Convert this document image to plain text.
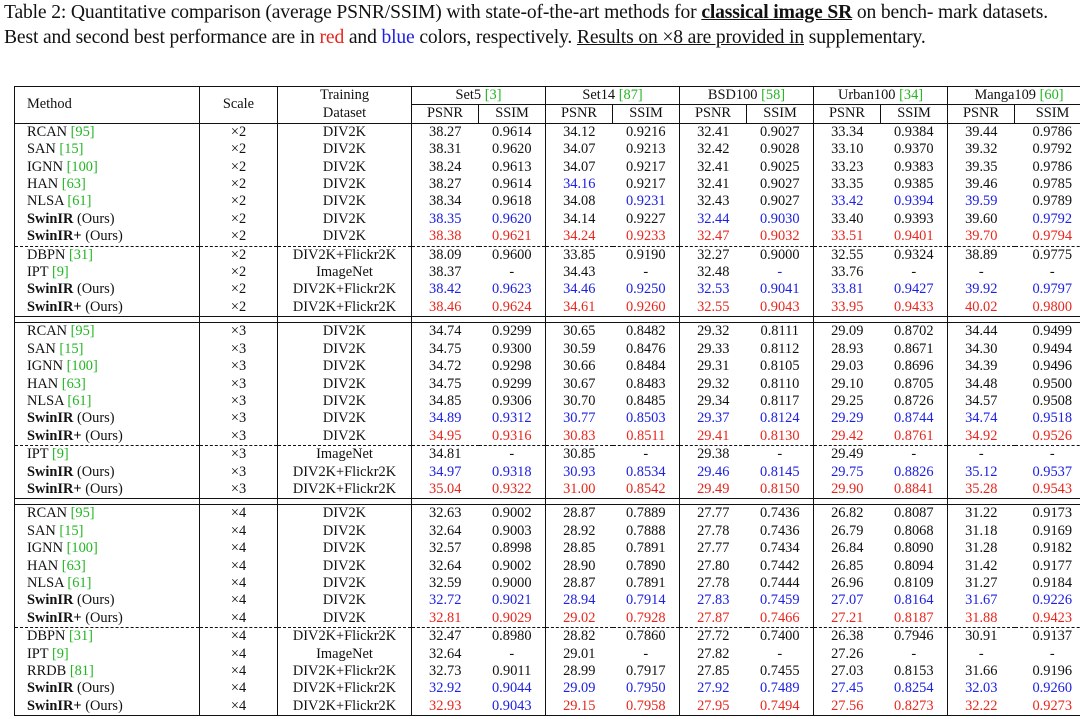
Table 2: Quantitative comparison (average PSNR/SSIM) with state-of-the-art methods for classical image SR on bench- mark datasets. Best and second best performance are in red and blue colors, respectively. Results on ×8 are provided in supplementary.
Method	Scale	Training	Set5 [3]		Set14 [87]		BSD100 [58]		Urban100 [34]		Manga109 [60]	
		Dataset	PSNR	SSIM	PSNR	SSIM	PSNR	SSIM	PSNR	SSIM	PSNR	SSIM
RCAN [95]	×2	DIV2K	38.27	0.9614	34.12	0.9216	32.41	0.9027	33.34	0.9384	39.44	0.9786
SAN [15]	×2	DIV2K	38.31	0.9620	34.07	0.9213	32.42	0.9028	33.10	0.9370	39.32	0.9792
IGNN [100]	×2	DIV2K	38.24	0.9613	34.07	0.9217	32.41	0.9025	33.23	0.9383	39.35	0.9786
HAN [63]	×2	DIV2K	38.27	0.9614	34.16	0.9217	32.41	0.9027	33.35	0.9385	39.46	0.9785
NLSA [61]	×2	DIV2K	38.34	0.9618	34.08	0.9231	32.43	0.9027	33.42	0.9394	39.59	0.9789
SwinIR (Ours)	×2	DIV2K	38.35	0.9620	34.14	0.9227	32.44	0.9030	33.40	0.9393	39.60	0.9792
SwinIR+ (Ours)	×2	DIV2K	38.38	0.9621	34.24	0.9233	32.47	0.9032	33.51	0.9401	39.70	0.9794
DBPN [31]	×2	DIV2K+Flickr2K	38.09	0.9600	33.85	0.9190	32.27	0.9000	32.55	0.9324	38.89	0.9775
IPT [9]	×2	ImageNet	38.37	-	34.43	-	32.48	-	33.76	-	-	-
SwinIR (Ours)	×2	DIV2K+Flickr2K	38.42	0.9623	34.46	0.9250	32.53	0.9041	33.81	0.9427	39.92	0.9797
SwinIR+ (Ours)	×2	DIV2K+Flickr2K	38.46	0.9624	34.61	0.9260	32.55	0.9043	33.95	0.9433	40.02	0.9800

RCAN [95]	×3	DIV2K	34.74	0.9299	30.65	0.8482	29.32	0.8111	29.09	0.8702	34.44	0.9499
SAN [15]	×3	DIV2K	34.75	0.9300	30.59	0.8476	29.33	0.8112	28.93	0.8671	34.30	0.9494
IGNN [100]	×3	DIV2K	34.72	0.9298	30.66	0.8484	29.31	0.8105	29.03	0.8696	34.39	0.9496
HAN [63]	×3	DIV2K	34.75	0.9299	30.67	0.8483	29.32	0.8110	29.10	0.8705	34.48	0.9500
NLSA [61]	×3	DIV2K	34.85	0.9306	30.70	0.8485	29.34	0.8117	29.25	0.8726	34.57	0.9508
SwinIR (Ours)	×3	DIV2K	34.89	0.9312	30.77	0.8503	29.37	0.8124	29.29	0.8744	34.74	0.9518
SwinIR+ (Ours)	×3	DIV2K	34.95	0.9316	30.83	0.8511	29.41	0.8130	29.42	0.8761	34.92	0.9526
IPT [9]	×3	ImageNet	34.81	-	30.85	-	29.38	-	29.49	-	-	-
SwinIR (Ours)	×3	DIV2K+Flickr2K	34.97	0.9318	30.93	0.8534	29.46	0.8145	29.75	0.8826	35.12	0.9537
SwinIR+ (Ours)	×3	DIV2K+Flickr2K	35.04	0.9322	31.00	0.8542	29.49	0.8150	29.90	0.8841	35.28	0.9543

RCAN [95]	×4	DIV2K	32.63	0.9002	28.87	0.7889	27.77	0.7436	26.82	0.8087	31.22	0.9173
SAN [15]	×4	DIV2K	32.64	0.9003	28.92	0.7888	27.78	0.7436	26.79	0.8068	31.18	0.9169
IGNN [100]	×4	DIV2K	32.57	0.8998	28.85	0.7891	27.77	0.7434	26.84	0.8090	31.28	0.9182
HAN [63]	×4	DIV2K	32.64	0.9002	28.90	0.7890	27.80	0.7442	26.85	0.8094	31.42	0.9177
NLSA [61]	×4	DIV2K	32.59	0.9000	28.87	0.7891	27.78	0.7444	26.96	0.8109	31.27	0.9184
SwinIR (Ours)	×4	DIV2K	32.72	0.9021	28.94	0.7914	27.83	0.7459	27.07	0.8164	31.67	0.9226
SwinIR+ (Ours)	×4	DIV2K	32.81	0.9029	29.02	0.7928	27.87	0.7466	27.21	0.8187	31.88	0.9423
DBPN [31]	×4	DIV2K+Flickr2K	32.47	0.8980	28.82	0.7860	27.72	0.7400	26.38	0.7946	30.91	0.9137
IPT [9]	×4	ImageNet	32.64	-	29.01	-	27.82	-	27.26	-	-	-
RRDB [81]	×4	DIV2K+Flickr2K	32.73	0.9011	28.99	0.7917	27.85	0.7455	27.03	0.8153	31.66	0.9196
SwinIR (Ours)	×4	DIV2K+Flickr2K	32.92	0.9044	29.09	0.7950	27.92	0.7489	27.45	0.8254	32.03	0.9260
SwinIR+ (Ours)	×4	DIV2K+Flickr2K	32.93	0.9043	29.15	0.7958	27.95	0.7494	27.56	0.8273	32.22	0.9273
